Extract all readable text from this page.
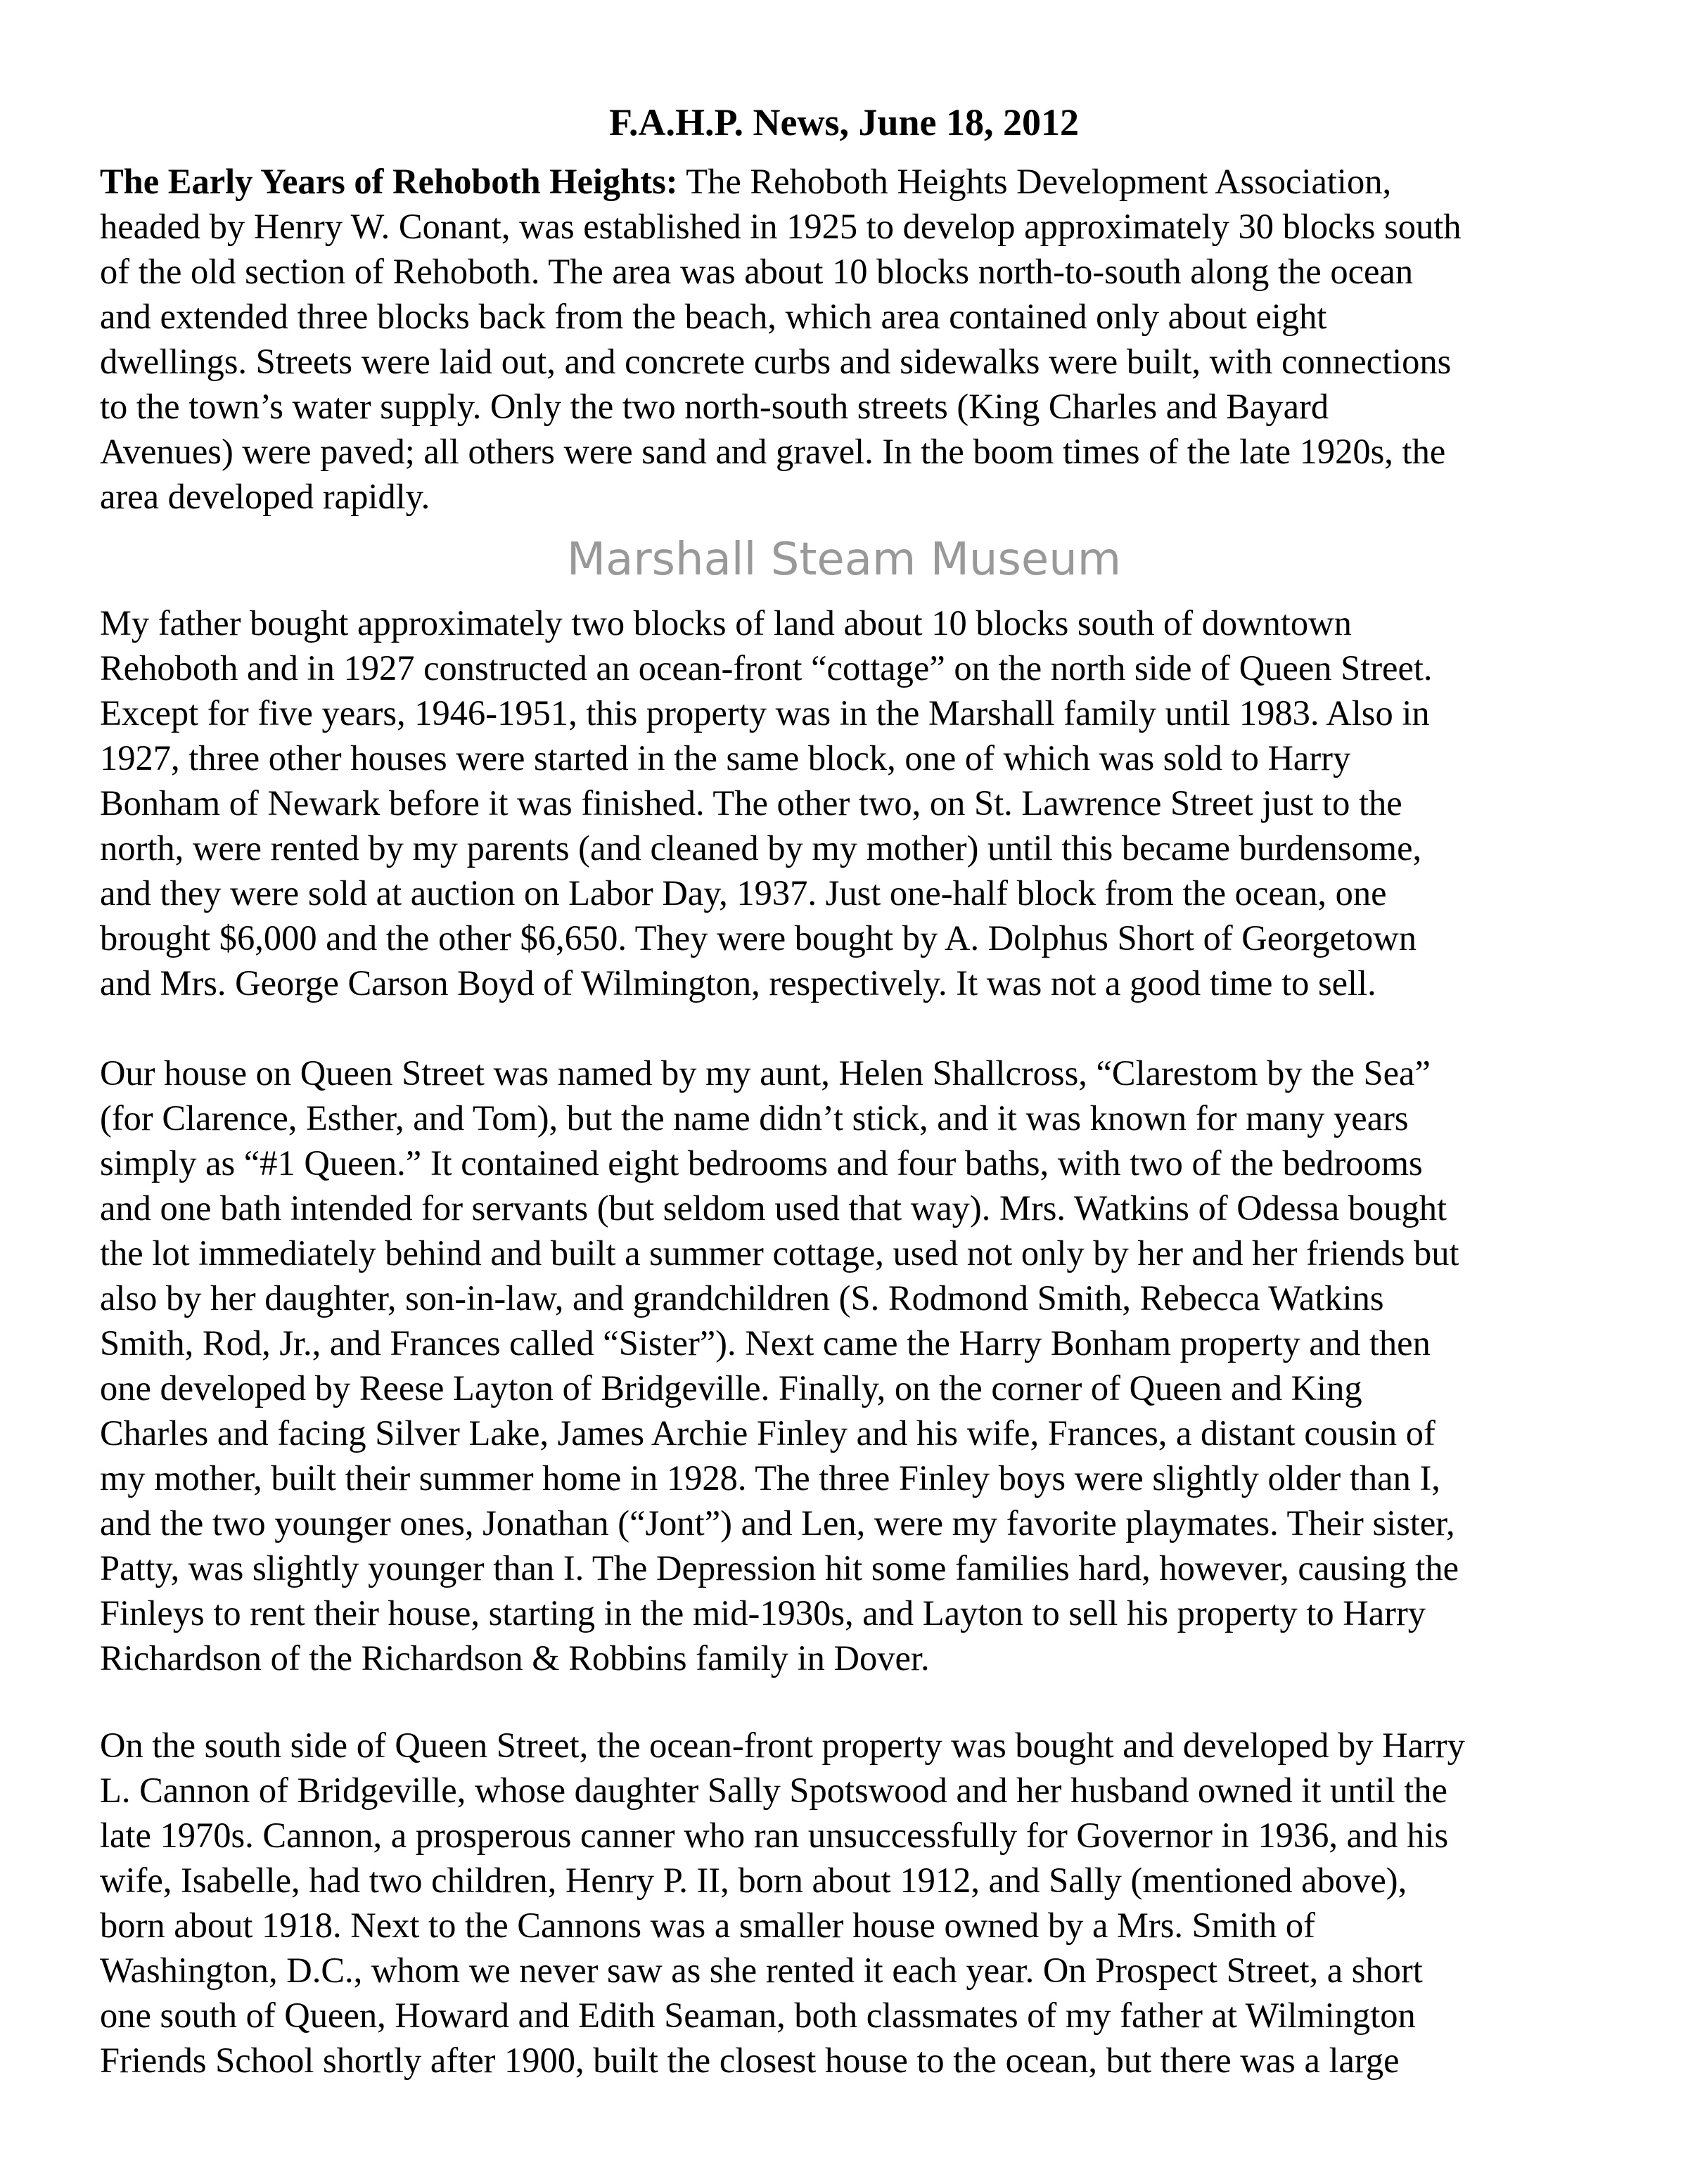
F.A.H.P. News, June 18, 2012
The Early Years of Rehoboth Heights: The Rehoboth Heights Development Association,
headed by Henry W. Conant, was established in 1925 to develop approximately 30 blocks south
of the old section of Rehoboth. The area was about 10 blocks north-to-south along the ocean
and extended three blocks back from the beach, which area contained only about eight
dwellings. Streets were laid out, and concrete curbs and sidewalks were built, with connections
to the town’s water supply. Only the two north-south streets (King Charles and Bayard
Avenues) were paved; all others were sand and gravel. In the boom times of the late 1920s, the
area developed rapidly.
Marshall Steam Museum
My father bought approximately two blocks of land about 10 blocks south of downtown
Rehoboth and in 1927 constructed an ocean-front “cottage” on the north side of Queen Street.
Except for five years, 1946-1951, this property was in the Marshall family until 1983. Also in
1927, three other houses were started in the same block, one of which was sold to Harry
Bonham of Newark before it was finished. The other two, on St. Lawrence Street just to the
north, were rented by my parents (and cleaned by my mother) until this became burdensome,
and they were sold at auction on Labor Day, 1937. Just one-half block from the ocean, one
brought $6,000 and the other $6,650. They were bought by A. Dolphus Short of Georgetown
and Mrs. George Carson Boyd of Wilmington, respectively. It was not a good time to sell.
Our house on Queen Street was named by my aunt, Helen Shallcross, “Clarestom by the Sea”
(for Clarence, Esther, and Tom), but the name didn’t stick, and it was known for many years
simply as “#1 Queen.” It contained eight bedrooms and four baths, with two of the bedrooms
and one bath intended for servants (but seldom used that way). Mrs. Watkins of Odessa bought
the lot immediately behind and built a summer cottage, used not only by her and her friends but
also by her daughter, son-in-law, and grandchildren (S. Rodmond Smith, Rebecca Watkins
Smith, Rod, Jr., and Frances called “Sister”). Next came the Harry Bonham property and then
one developed by Reese Layton of Bridgeville. Finally, on the corner of Queen and King
Charles and facing Silver Lake, James Archie Finley and his wife, Frances, a distant cousin of
my mother, built their summer home in 1928. The three Finley boys were slightly older than I,
and the two younger ones, Jonathan (“Jont”) and Len, were my favorite playmates. Their sister,
Patty, was slightly younger than I. The Depression hit some families hard, however, causing the
Finleys to rent their house, starting in the mid-1930s, and Layton to sell his property to Harry
Richardson of the Richardson & Robbins family in Dover.
On the south side of Queen Street, the ocean-front property was bought and developed by Harry
L. Cannon of Bridgeville, whose daughter Sally Spotswood and her husband owned it until the
late 1970s. Cannon, a prosperous canner who ran unsuccessfully for Governor in 1936, and his
wife, Isabelle, had two children, Henry P. II, born about 1912, and Sally (mentioned above),
born about 1918. Next to the Cannons was a smaller house owned by a Mrs. Smith of
Washington, D.C., whom we never saw as she rented it each year. On Prospect Street, a short
one south of Queen, Howard and Edith Seaman, both classmates of my father at Wilmington
Friends School shortly after 1900, built the closest house to the ocean, but there was a large
